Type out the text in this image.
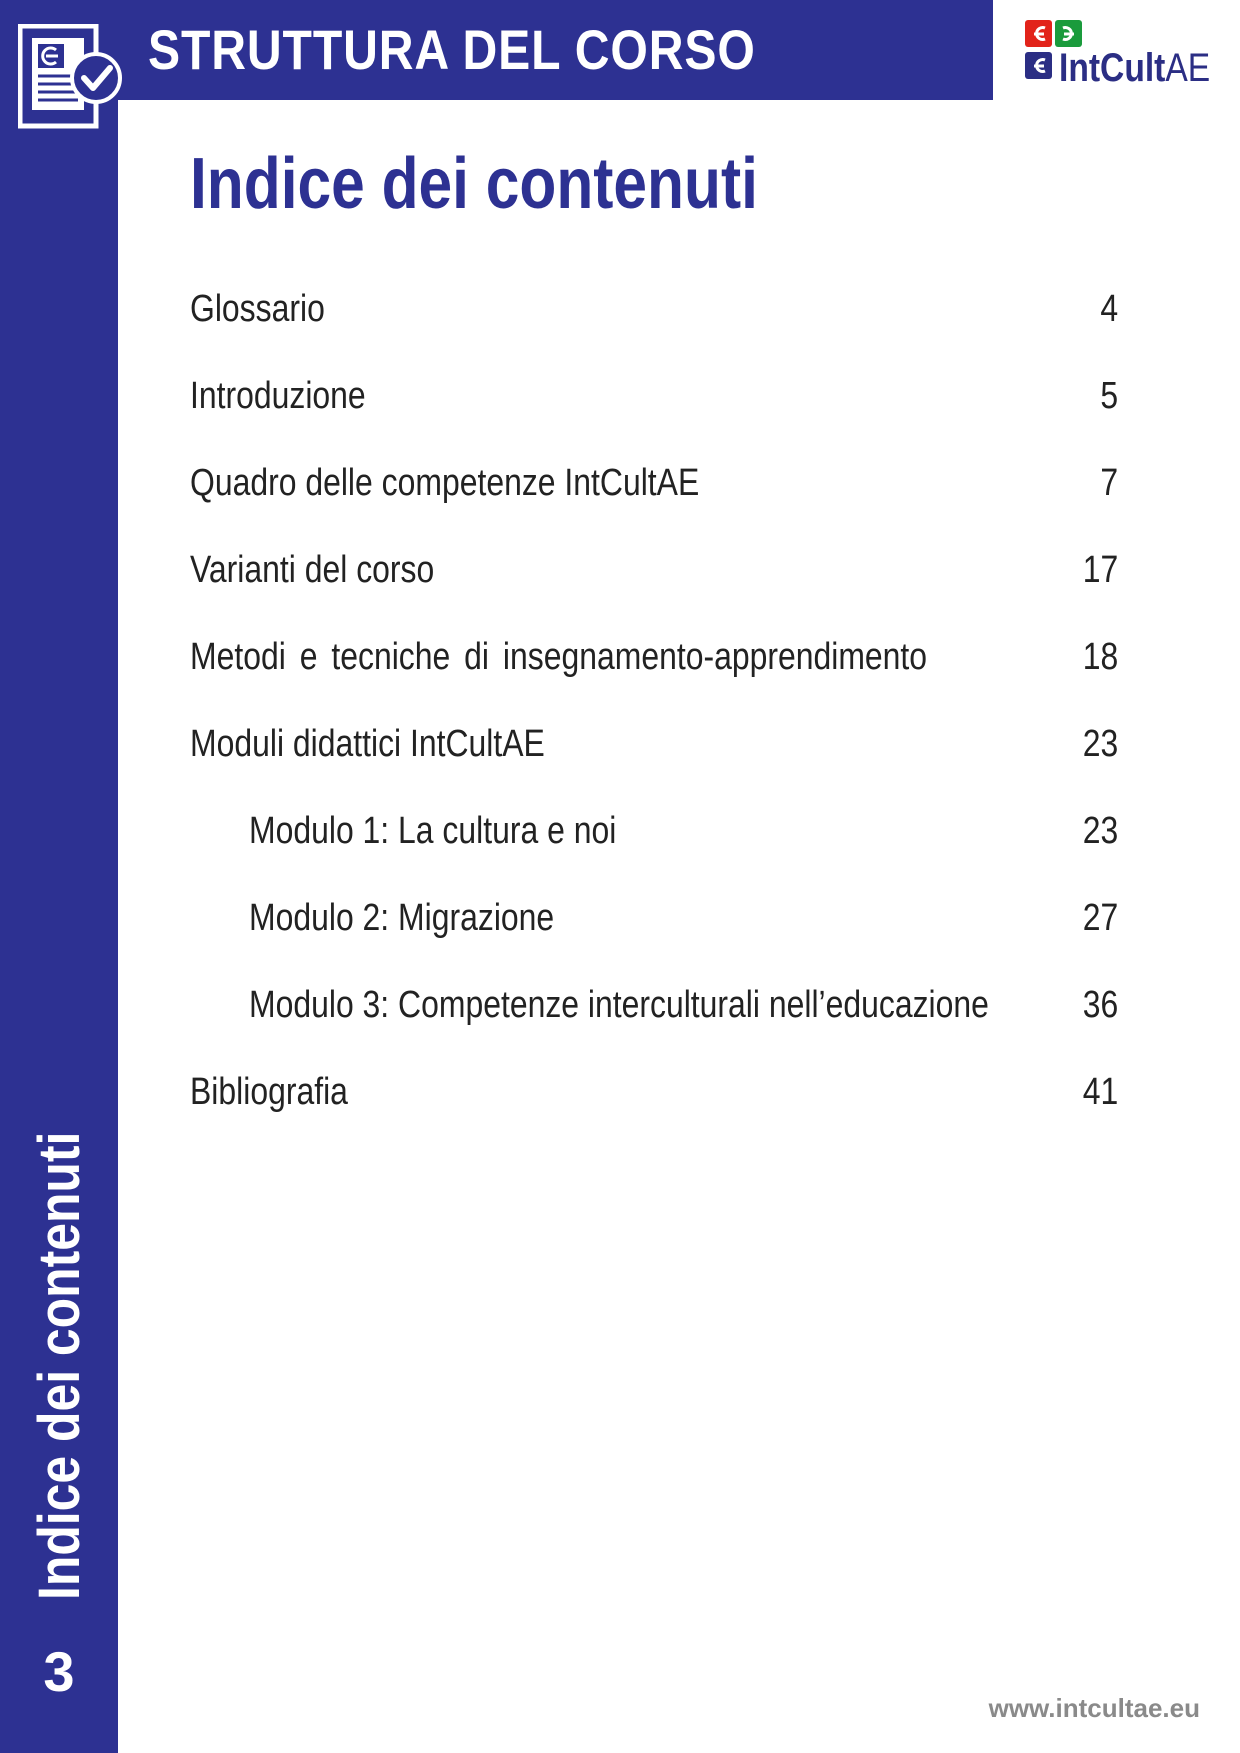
STRUTTURA DEL CORSO	IntCultAE
Indice dei contenuti
Glossario	4
Introduzione	5
Quadro delle competenze IntCultAE	7
Varianti del corso	17
Metodi e tecniche di insegnamento-apprendimento	18
Moduli didattici IntCultAE	23
Modulo 1: La cultura e noi	23
Modulo 2: Migrazione	27
Modulo 3: Competenze interculturali nell’educazione 36
Bibliografia	41
Indice dei contenuti
3
www.intcultae.eu
